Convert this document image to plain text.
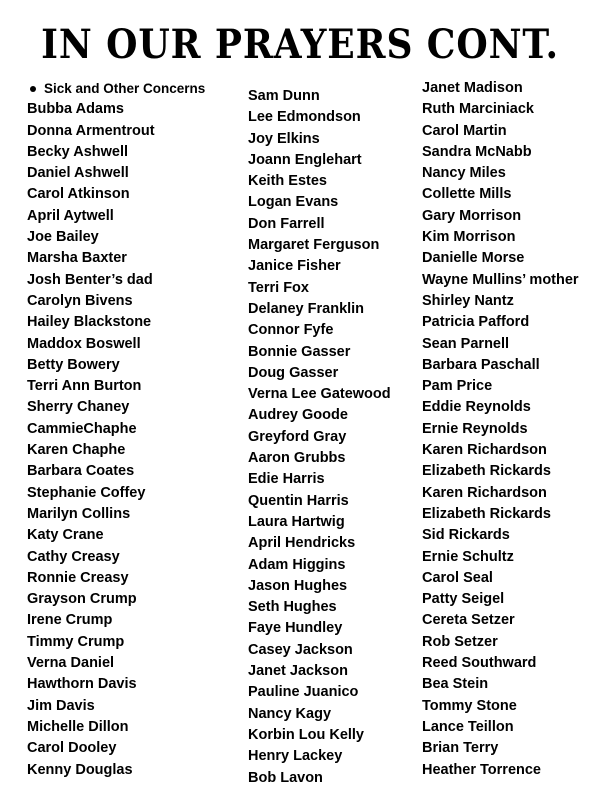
IN OUR PRAYERS CONT.
Sick and Other Concerns
Bubba Adams
Donna Armentrout
Becky Ashwell
Daniel Ashwell
Carol Atkinson
April Aytwell
Joe Bailey
Marsha Baxter
Josh Benter’s dad
Carolyn Bivens
Hailey Blackstone
Maddox Boswell
Betty Bowery
Terri Ann Burton
Sherry Chaney
CammieChaphe
Karen Chaphe
Barbara Coates
Stephanie Coffey
Marilyn Collins
Katy Crane
Cathy Creasy
Ronnie Creasy
Grayson Crump
Irene Crump
Timmy Crump
Verna Daniel
Hawthorn Davis
Jim Davis
Michelle Dillon
Carol Dooley
Kenny Douglas
Sam Dunn
Lee Edmondson
Joy Elkins
Joann Englehart
Keith Estes
Logan Evans
Don Farrell
Margaret Ferguson
Janice Fisher
Terri Fox
Delaney Franklin
Connor Fyfe
Bonnie Gasser
Doug Gasser
Verna Lee Gatewood
Audrey Goode
Greyford Gray
Aaron Grubbs
Edie Harris
Quentin Harris
Laura Hartwig
April Hendricks
Adam Higgins
Jason Hughes
Seth Hughes
Faye Hundley
Casey Jackson
Janet Jackson
Pauline Juanico
Nancy Kagy
Korbin Lou Kelly
Henry Lackey
Bob Lavon
Janet Madison
Ruth Marciniack
Carol Martin
Sandra McNabb
Nancy Miles
Collette Mills
Gary Morrison
Kim Morrison
Danielle Morse
Wayne Mullins’ mother
Shirley Nantz
Patricia Pafford
Sean Parnell
Barbara Paschall
Pam Price
Eddie Reynolds
Ernie Reynolds
Karen Richardson
Elizabeth Rickards
Karen Richardson
Elizabeth Rickards
Sid Rickards
Ernie Schultz
Carol Seal
Patty Seigel
Cereta Setzer
Rob Setzer
Reed Southward
Bea Stein
Tommy Stone
Lance Teillon
Brian Terry
Heather Torrence
